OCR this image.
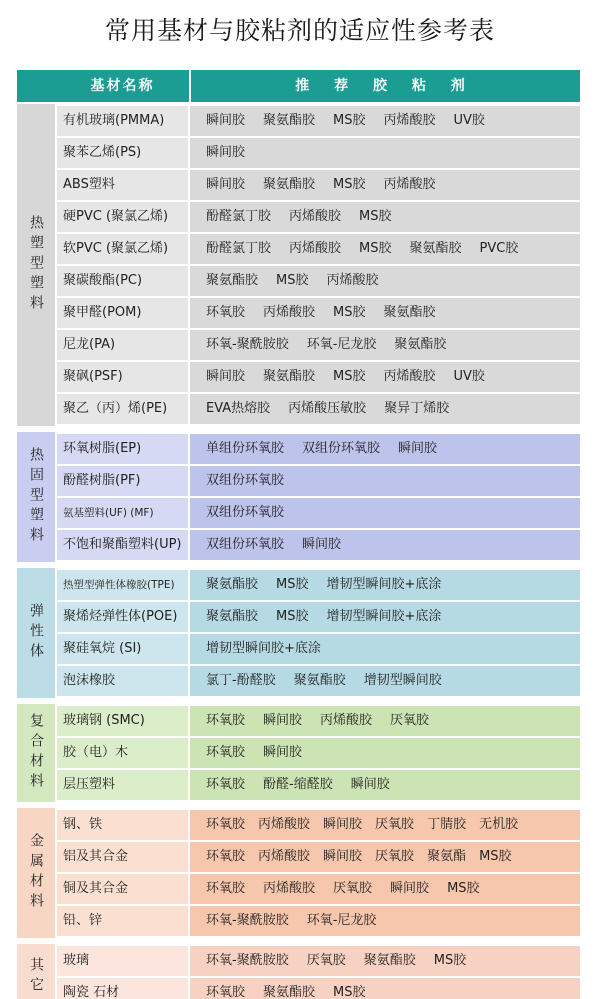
常用基材与胶粘剂的适应性参考表
基材名称	推 荐 胶 粘 剂
热塑型塑料
有机玻璃(PMMA)	瞬间胶 聚氨酯胶 MS胶 丙烯酸胶 UV胶
聚苯乙烯(PS)	瞬间胶
ABS塑料	瞬间胶 聚氨酯胶 MS胶 丙烯酸胶
硬PVC (聚氯乙烯)	酚醛氯丁胶 丙烯酸胶 MS胶
软PVC (聚氯乙烯)	酚醛氯丁胶 丙烯酸胶 MS胶 聚氨酯胶 PVC胶
聚碳酸酯(PC)	聚氨酯胶 MS胶 丙烯酸胶
聚甲醛(POM)	环氧胶 丙烯酸胶 MS胶 聚氨酯胶
尼龙(PA)	环氧-聚酰胺胶 环氧-尼龙胶 聚氨酯胶
聚砜(PSF)	瞬间胶 聚氨酯胶 MS胶 丙烯酸胶 UV胶
聚乙（丙）烯(PE)	EVA热熔胶 丙烯酸压敏胶 聚异丁烯胶
热固型塑料	环氧树脂(EP)	单组份环氧胶 双组份环氧胶 瞬间胶
酚醛树脂(PF)	双组份环氧胶
氨基塑料(UF) (MF)	双组份环氧胶
不饱和聚酯塑料(UP)	双组份环氧胶 瞬间胶
弹性体
热塑型弹性体橡胶(TPE)	聚氨酯胶 MS胶 增韧型瞬间胶+底涂
聚烯烃弹性体(POE)	聚氨酯胶 MS胶 增韧型瞬间胶+底涂
聚硅氧烷 (SI)	增韧型瞬间胶+底涂
泡沫橡胶	氯丁-酚醛胶 聚氨酯胶 增韧型瞬间胶
复合材料	玻璃钢 (SMC)	环氧胶 瞬间胶 丙烯酸胶 厌氧胶
胶（电）木	环氧胶 瞬间胶
层压塑料	环氧胶 酚醛-缩醛胶 瞬间胶
金属材料
钢、铁	环氧胶 丙烯酸胶 瞬间胶 厌氧胶 丁腈胶 无机胶
铝及其合金	环氧胶 丙烯酸胶 瞬间胶 厌氧胶 聚氨酯 MS胶
铜及其合金	环氧胶 丙烯酸胶 厌氧胶 瞬间胶 MS胶
铅、锌	环氧-聚酰胺胶 环氧-尼龙胶
其它	玻璃	环氧-聚酰胺胶 厌氧胶 聚氨酯胶 MS胶
陶瓷 石材	环氧胶 聚氨酯胶 MS胶
